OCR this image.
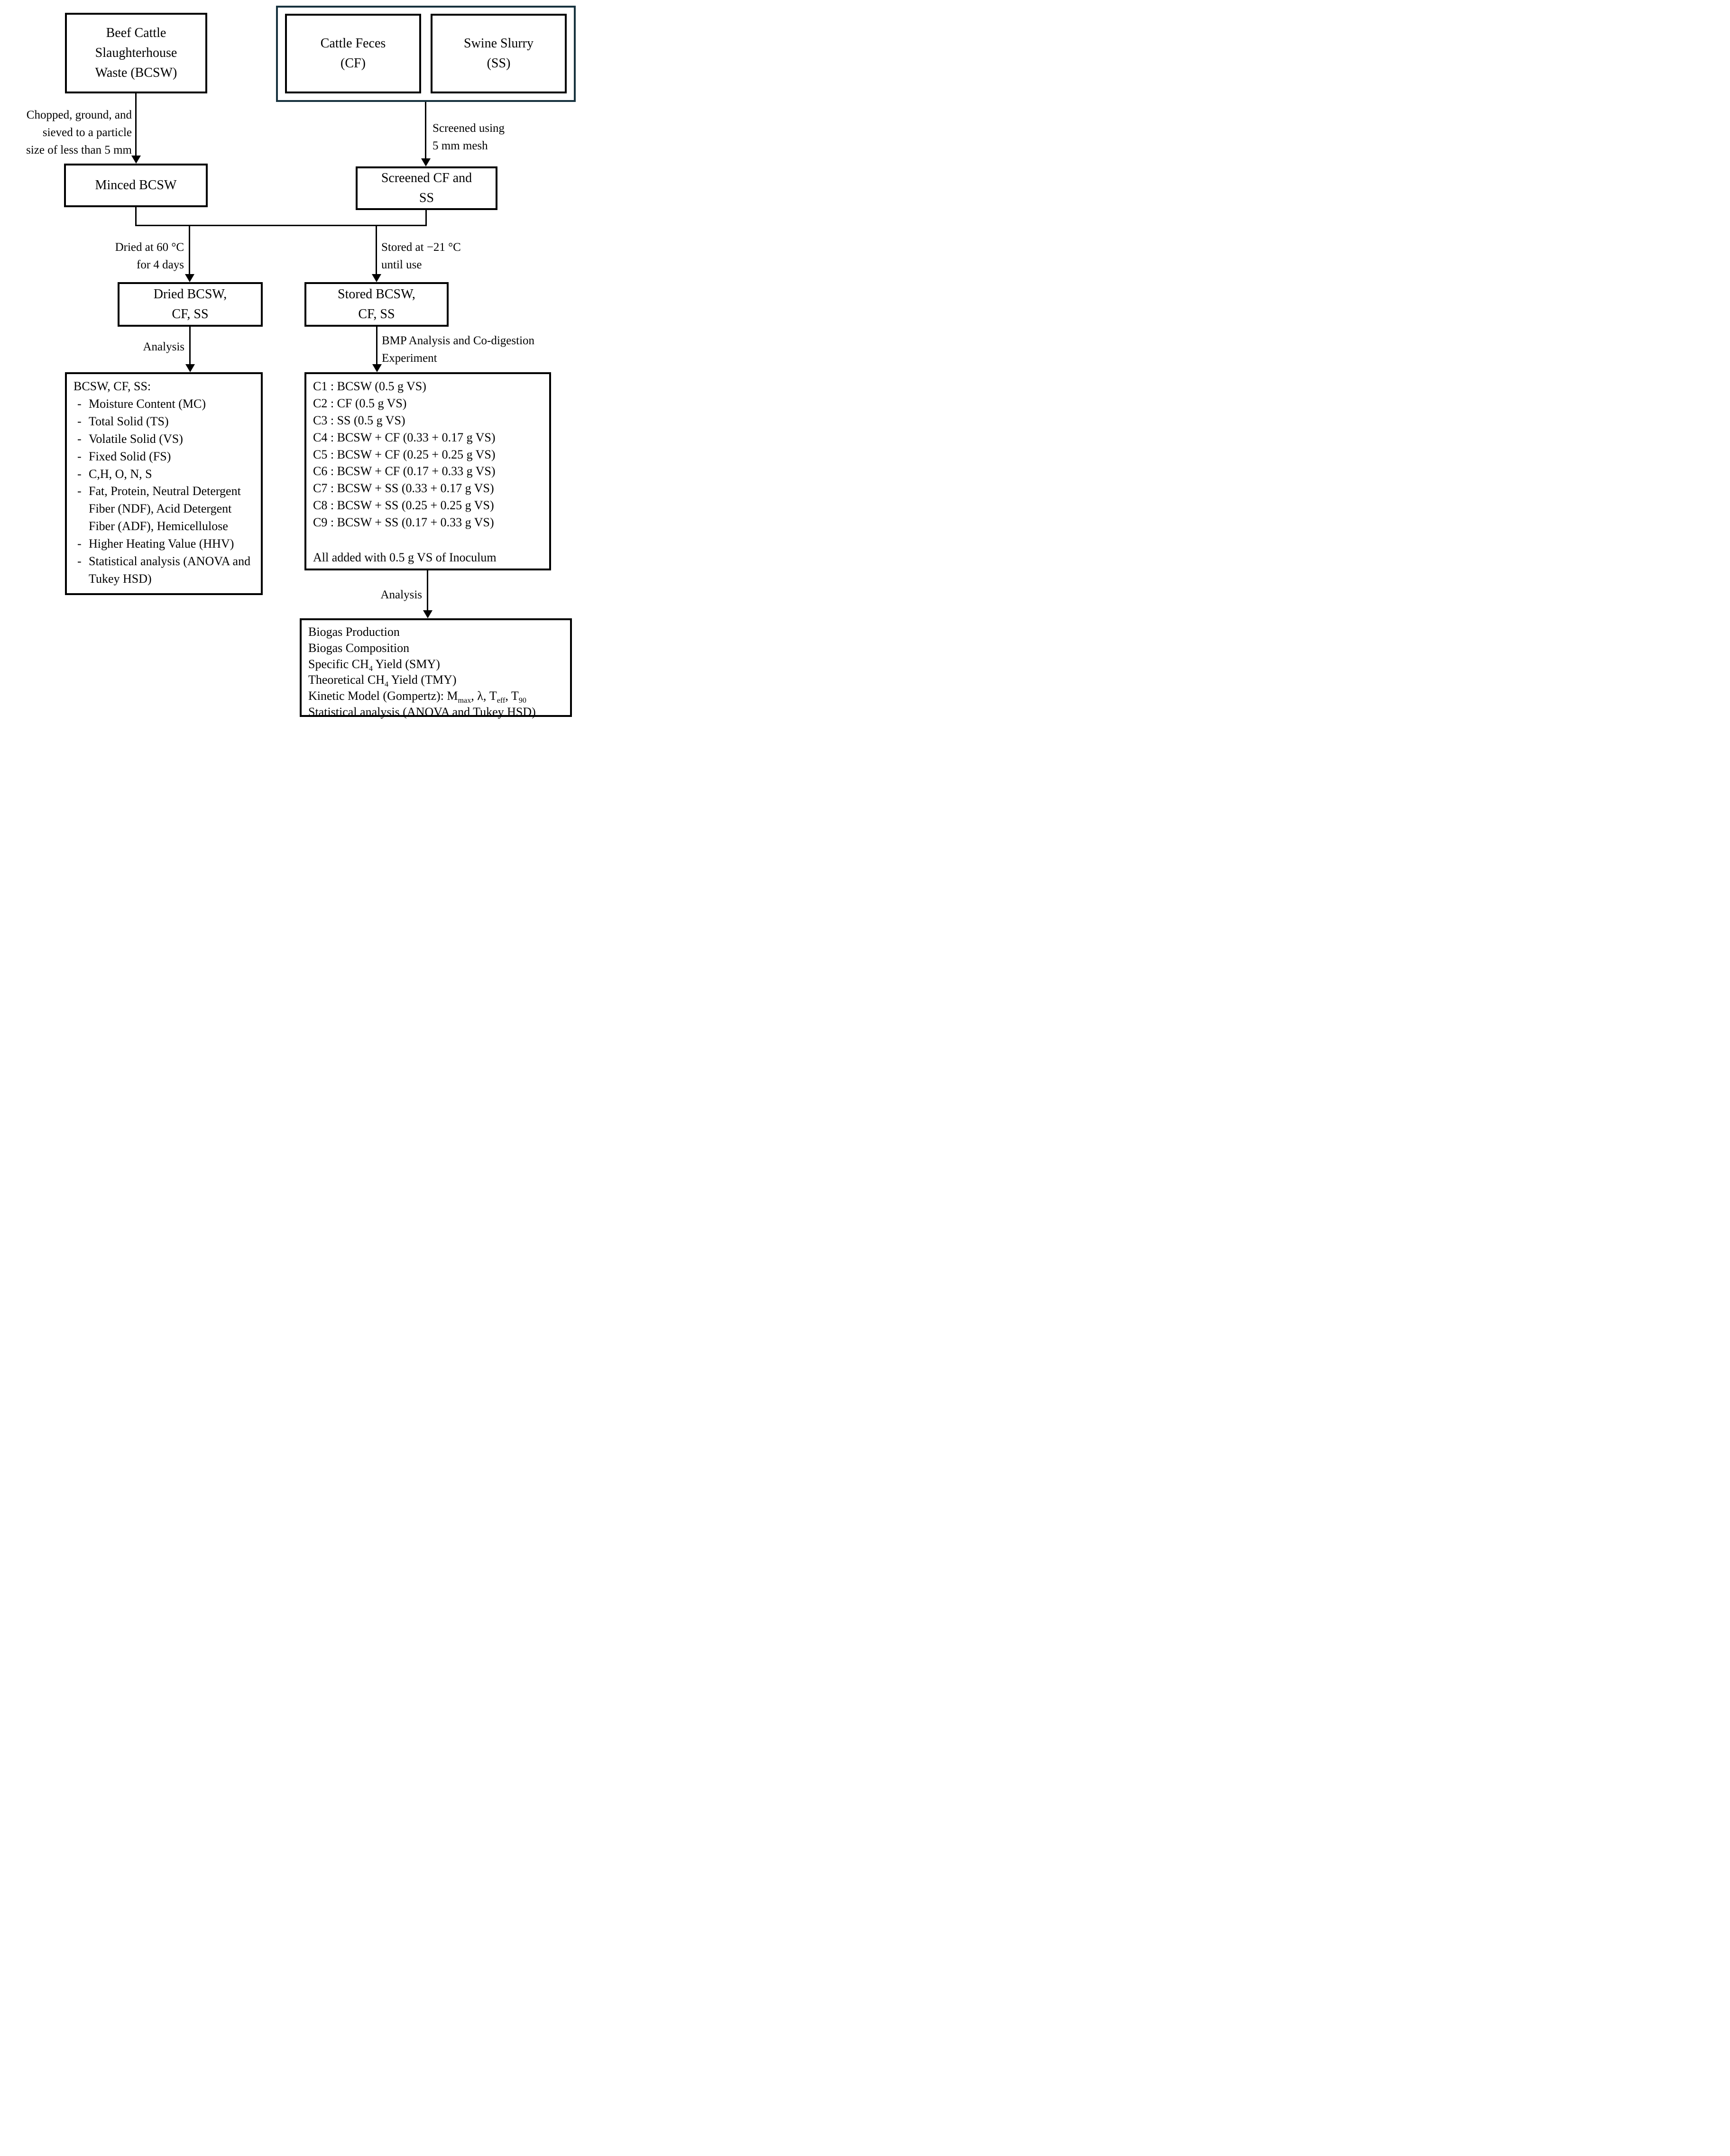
Beef Cattle
Slaughterhouse
Waste (BCSW)
Cattle Feces
(CF)
Swine Slurry
(SS)
Chopped, ground, and
sieved to a particle
size of less than 5 mm
Screened using
5 mm mesh
Minced BCSW	Screened CF and
SS
Dried at 60 °C
for 4 days
Stored at −21 °C
until use
Dried BCSW,
CF, SS
Stored BCSW,
CF, SS
Analysis	BMP Analysis and Co-digestion
Experiment
BCSW, CF, SS:
- Moisture Content (MC)
- Total Solid (TS)
- Volatile Solid (VS)
- Fixed Solid (FS)
- C,H, O, N, S
- Fat, Protein, Neutral Detergent Fiber (NDF), Acid Detergent Fiber (ADF), Hemicellulose
- Higher Heating Value (HHV)
- Statistical analysis (ANOVA and Tukey HSD)
C1 : BCSW (0.5 g VS)
C2 : CF (0.5 g VS)
C3 : SS (0.5 g VS)
C4 : BCSW + CF (0.33 + 0.17 g VS)
C5 : BCSW + CF (0.25 + 0.25 g VS)
C6 : BCSW + CF (0.17 + 0.33 g VS)
C7 : BCSW + SS (0.33 + 0.17 g VS)
C8 : BCSW + SS (0.25 + 0.25 g VS)
C9 : BCSW + SS (0.17 + 0.33 g VS)
All added with 0.5 g VS of Inoculum
Analysis
Biogas Production
Biogas Composition
Specific $CH_4$ Yield (SMY)
Theoretical $CH_4$ Yield (TMY)
Kinetic Model (Gompertz): $M_{max}$, λ, $T_{eff}$, $T_{90}$
Statistical analysis (ANOVA and Tukey HSD)
